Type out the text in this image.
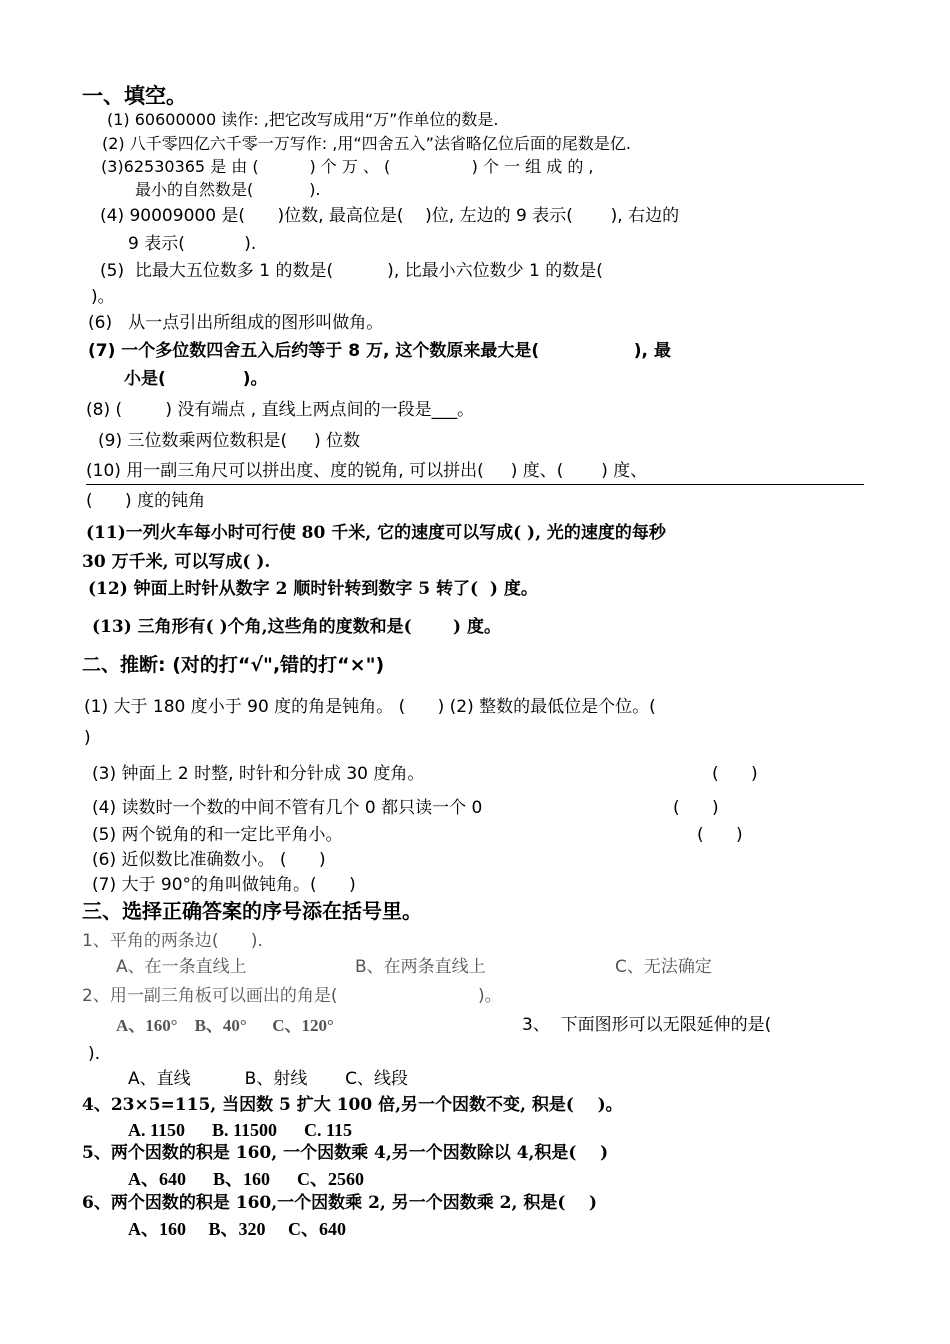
一、填空。
(1) 60600000 读作: ,把它改写成用“万”作单位的数是.
(2) 八千零四亿六千零一万写作: ,用“四舍五入”法省略亿位后面的尾数是亿.
(3)62530365 是 由 (          ) 个 万 、 (                ) 个 一 组 成 的 ,
最小的自然数是(           ).
(4) 90009000 是(      )位数, 最高位是(    )位, 左边的 9 表示(       ), 右边的
9 表示(           ).
(5)  比最大五位数多 1 的数是(          ), 比最小六位数少 1 的数是(
)。
(6)   从一点引出所组成的图形叫做角。
(7) 一个多位数四舍五入后约等于 8 万, 这个数原来最大是(                ), 最
小是(             )。
(8) (        ) 没有端点 , 直线上两点间的一段是___。
(9) 三位数乘两位数积是(     ) 位数
(10) 用一副三角尺可以拼出度、度的锐角, 可以拼出(     ) 度、(       ) 度、
(      ) 度的钝角
(11)一列火车每小时可行使 80 千米, 它的速度可以写成( ), 光的速度的每秒
30 万千米, 可以写成( ).
(12) 钟面上时针从数字 2 顺时针转到数字 5 转了(  ) 度。
(13) 三角形有( )个角,这些角的度数和是(       ) 度。
二、推断: (对的打“√",错的打“×")
(1) 大于 180 度小于 90 度的角是钝角。 (      ) (2) 整数的最低位是个位。(
)
(3) 钟面上 2 时整, 时针和分针成 30 度角。	(      )
(4) 读数时一个数的中间不管有几个 0 都只读一个 0	(      )
(5) 两个锐角的和一定比平角小。	(      )
(6) 近似数比准确数小。 (      )
(7) 大于 90°的角叫做钝角。(      )
三、选择正确答案的序号添在括号里。
1、平角的两条边(      ).
A、在一条直线上	B、在两条直线上	C、无法确定
2、用一副三角板可以画出的角是(                          )。
A、160°    B、40°      C、120°	3、  下面图形可以无限延伸的是(
).
A、直线          B、射线       C、线段
4、23×5=115, 当因数 5 扩大 100 倍,另一个因数不变, 积是(    )。
A. 1150      B. 11500      C. 115
5、两个因数的积是 160, 一个因数乘 4,另一个因数除以 4,积是(    )
A、640      B、160      C、2560
6、两个因数的积是 160,一个因数乘 2, 另一个因数乘 2, 积是(    )
A、160     B、320     C、640
